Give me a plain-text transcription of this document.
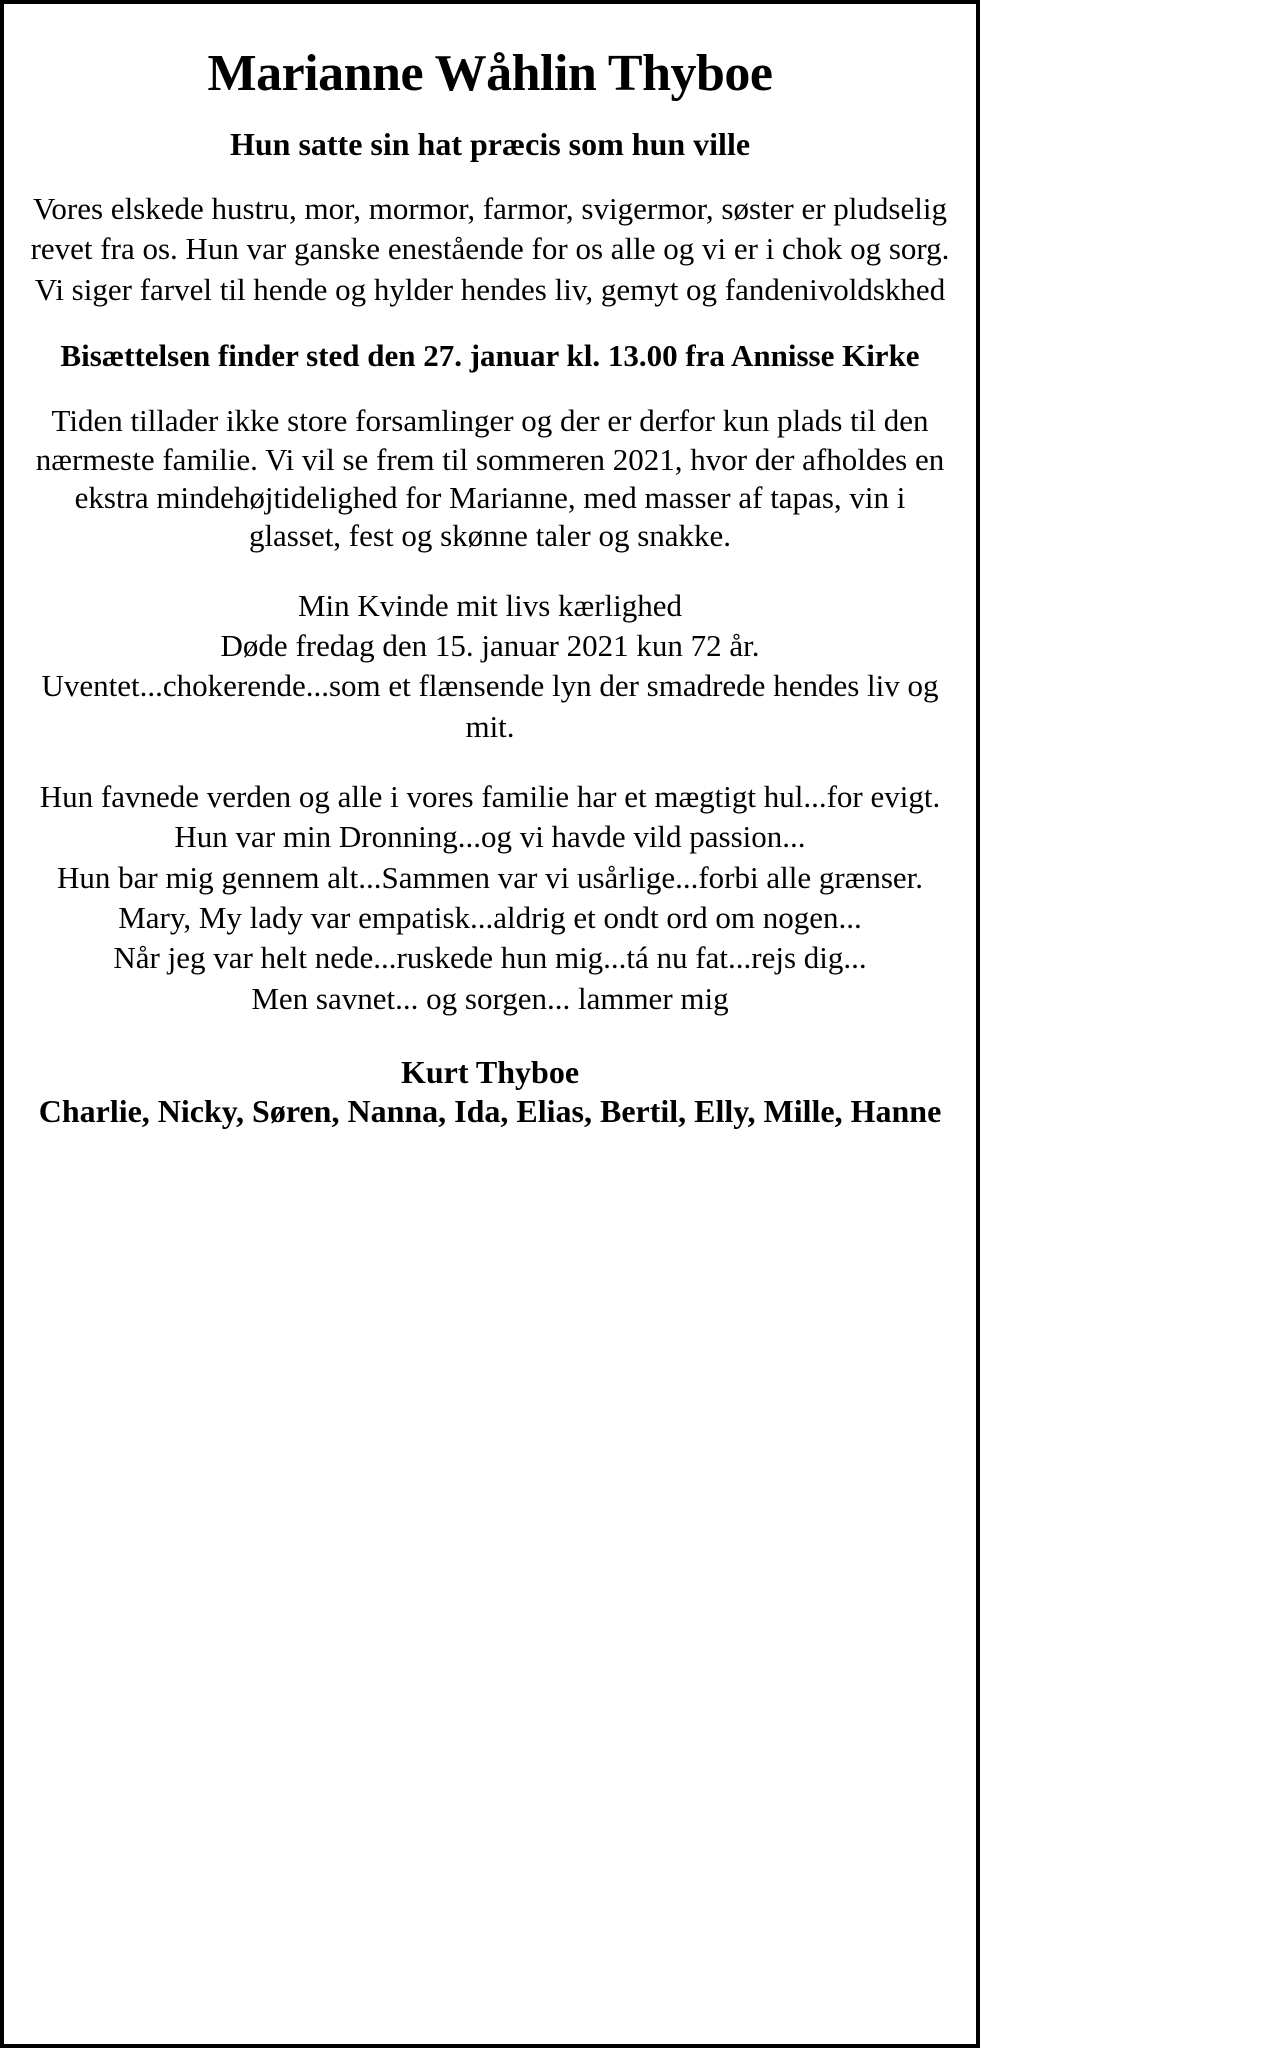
Marianne Wåhlin Thyboe
Hun satte sin hat præcis som hun ville

Vores elskede hustru, mor, mormor, farmor, svigermor, søster er pludselig revet fra os. Hun var ganske enestående for os alle og vi er i chok og sorg. Vi siger farvel til hende og hylder hendes liv, gemyt og fandenivoldskhed

Bisættelsen finder sted den 27. januar kl. 13.00 fra Annisse Kirke

Tiden tillader ikke store forsamlinger og der er derfor kun plads til den nærmeste familie. Vi vil se frem til sommeren 2021, hvor der afholdes en ekstra mindehøjtidelighed for Marianne, med masser af tapas, vin i glasset, fest og skønne taler og snakke.

Min Kvinde mit livs kærlighed
Døde fredag den 15. januar 2021 kun 72 år.
Uventet...chokerende...som et flænsende lyn der smadrede hendes liv og mit.
Hun favnede verden og alle i vores familie har et mægtigt hul...for evigt.
Hun var min Dronning...og vi havde vild passion...
Hun bar mig gennem alt...Sammen var vi usårlige...forbi alle grænser.
Mary, My lady var empatisk...aldrig et ondt ord om nogen...
Når jeg var helt nede...ruskede hun mig...tá nu fat...rejs dig...
Men savnet... og sorgen... lammer mig
Kurt Thyboe
Charlie, Nicky, Søren, Nanna, Ida, Elias, Bertil, Elly, Mille, Hanne
